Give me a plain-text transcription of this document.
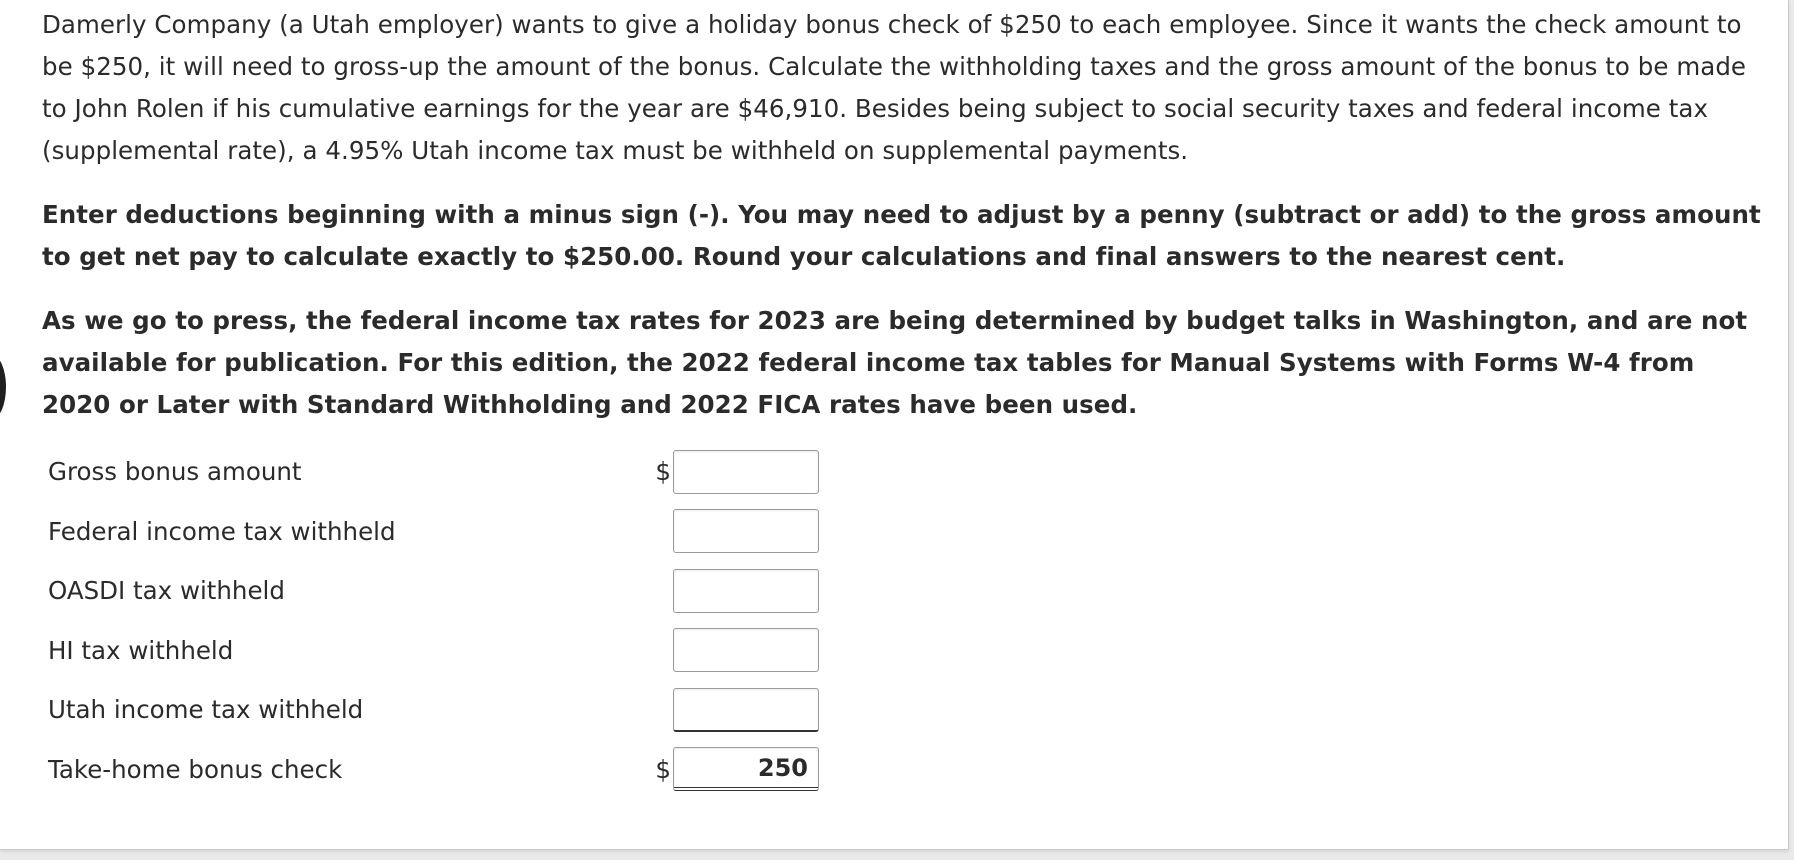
Damerly Company (a Utah employer) wants to give a holiday bonus check of $250 to each employee. Since it wants the check amount to be $250, it will need to gross-up the amount of the bonus. Calculate the withholding taxes and the gross amount of the bonus to be made to John Rolen if his cumulative earnings for the year are $46,910. Besides being subject to social security taxes and federal income tax (supplemental rate), a 4.95% Utah income tax must be withheld on supplemental payments.

Enter deductions beginning with a minus sign (-). You may need to adjust by a penny (subtract or add) to the gross amount to get net pay to calculate exactly to $250.00. Round your calculations and final answers to the nearest cent.

As we go to press, the federal income tax rates for 2023 are being determined by budget talks in Washington, and are not available for publication. For this edition, the 2022 federal income tax tables for Manual Systems with Forms W-4 from 2020 or Later with Standard Withholding and 2022 FICA rates have been used.

Gross bonus amount	$	
Federal income tax withheld		
OASDI tax withheld		
HI tax withheld		
Utah income tax withheld		
Take-home bonus check	$	250
